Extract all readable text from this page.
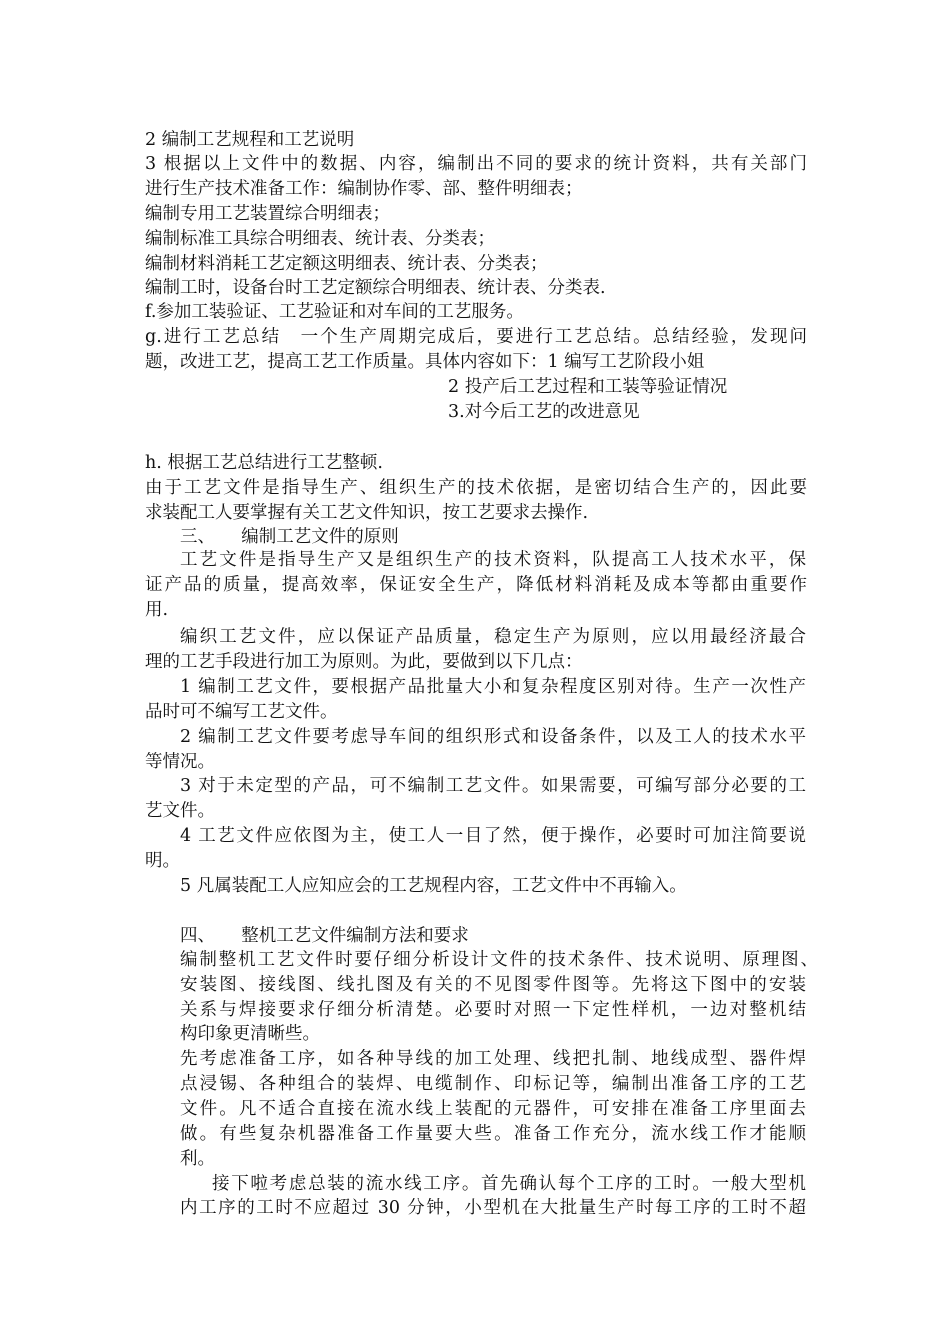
2 编制工艺规程和工艺说明
3 根据以上文件中的数据、内容，编制出不同的要求的统计资料，共有关部门
进行生产技术准备工作：编制协作零、部、整件明细表；
编制专用工艺装置综合明细表；
编制标准工具综合明细表、统计表、分类表；
编制材料消耗工艺定额这明细表、统计表、分类表；
编制工时，设备台时工艺定额综合明细表、统计表、分类表.
f.参加工装验证、工艺验证和对车间的工艺服务。
g.进行工艺总结　一个生产周期完成后，要进行工艺总结。总结经验，发现问
题，改进工艺，提高工艺工作质量。具体内容如下：1 编写工艺阶段小姐
2 投产后工艺过程和工装等验证情况
3.对今后工艺的改进意见
h. 根据工艺总结进行工艺整顿.
由于工艺文件是指导生产、组织生产的技术依据，是密切结合生产的，因此要
求装配工人要掌握有关工艺文件知识，按工艺要求去操作.
三、　　编制工艺文件的原则
工艺文件是指导生产又是组织生产的技术资料，队提高工人技术水平，保
证产品的质量，提高效率，保证安全生产，降低材料消耗及成本等都由重要作
用.
编织工艺文件，应以保证产品质量，稳定生产为原则，应以用最经济最合
理的工艺手段进行加工为原则。为此，要做到以下几点：
1 编制工艺文件，要根据产品批量大小和复杂程度区别对待。生产一次性产
品时可不编写工艺文件。
2 编制工艺文件要考虑导车间的组织形式和设备条件，以及工人的技术水平
等情况。
3 对于未定型的产品，可不编制工艺文件。如果需要，可编写部分必要的工
艺文件。
4 工艺文件应依图为主，使工人一目了然，便于操作，必要时可加注简要说
明。
5 凡属装配工人应知应会的工艺规程内容，工艺文件中不再输入。
四、　　整机工艺文件编制方法和要求
编制整机工艺文件时要仔细分析设计文件的技术条件、技术说明、原理图、
安装图、接线图、线扎图及有关的不见图零件图等。先将这下图中的安装
关系与焊接要求仔细分析清楚。必要时对照一下定性样机，一边对整机结
构印象更清晰些。
先考虑准备工序，如各种导线的加工处理、线把扎制、地线成型、器件焊
点浸锡、各种组合的装焊、电缆制作、印标记等，编制出准备工序的工艺
文件。凡不适合直接在流水线上装配的元器件，可安排在准备工序里面去
做。有些复杂机器准备工作量要大些。准备工作充分，流水线工作才能顺
利。
接下啦考虑总装的流水线工序。首先确认每个工序的工时。一般大型机
内工序的工时不应超过 30 分钟，小型机在大批量生产时每工序的工时不超
